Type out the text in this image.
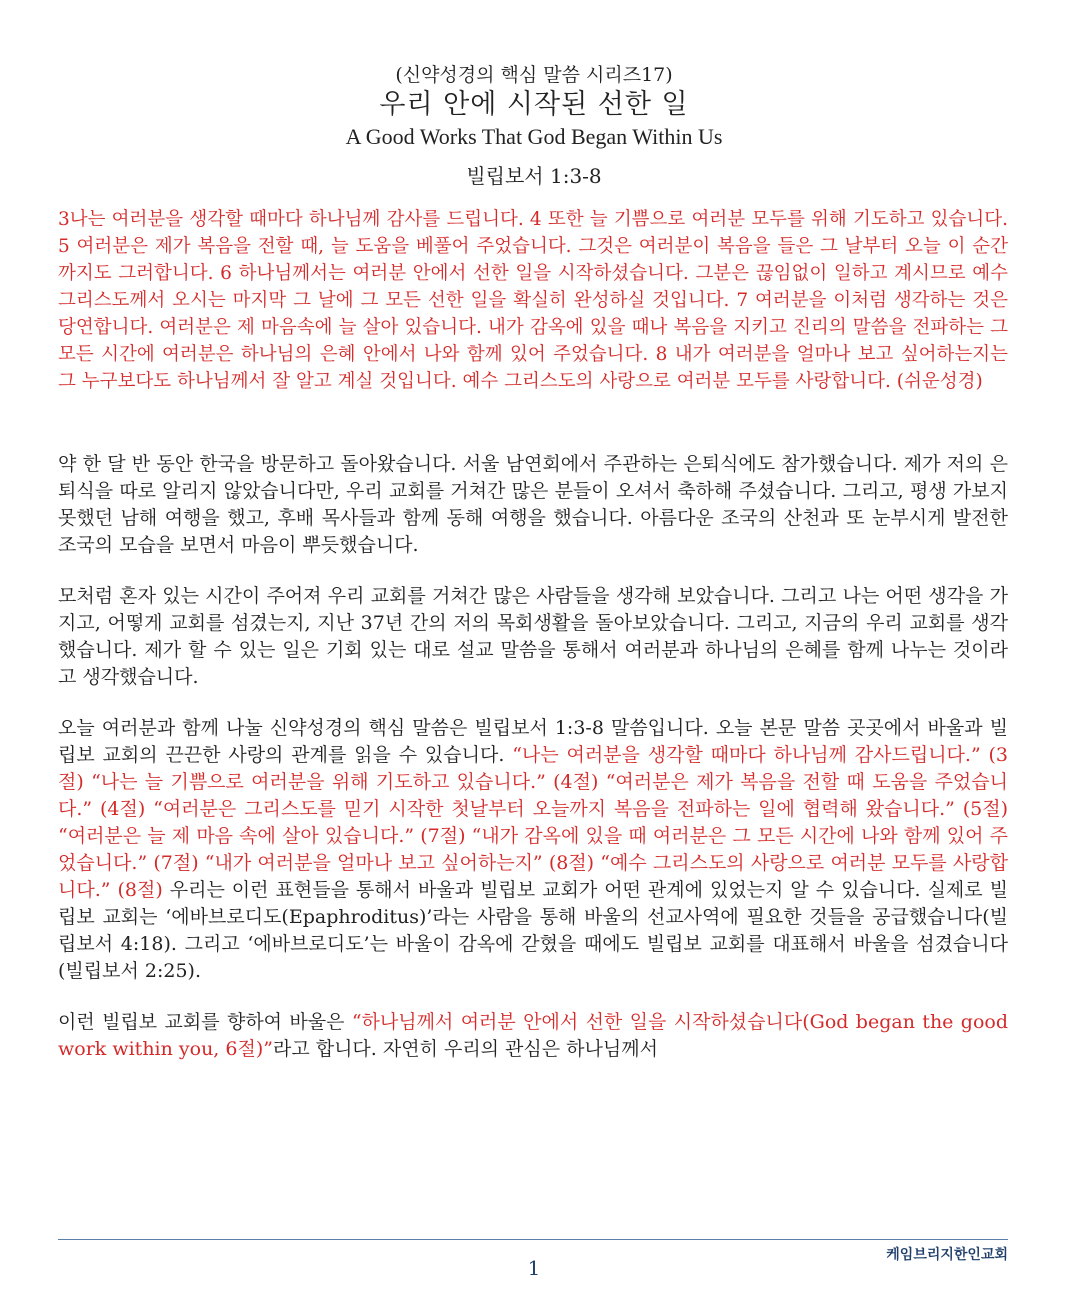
(신약성경의 핵심 말씀 시리즈17)
우리 안에 시작된 선한 일
A Good Works That God Began Within Us
빌립보서 1:3-8

3나는 여러분을 생각할 때마다 하나님께 감사를 드립니다. 4 또한 늘 기쁨으로 여러분 모두를 위해 기도하고 있습니다. 5 여러분은 제가 복음을 전할 때, 늘 도움을 베풀어 주었습니다. 그것은 여러분이 복음을 들은 그 날부터 오늘 이 순간까지도 그러합니다. 6 하나님께서는 여러분 안에서 선한 일을 시작하셨습니다. 그분은 끊임없이 일하고 계시므로 예수 그리스도께서 오시는 마지막 그 날에 그 모든 선한 일을 확실히 완성하실 것입니다. 7 여러분을 이처럼 생각하는 것은 당연합니다. 여러분은 제 마음속에 늘 살아 있습니다. 내가 감옥에 있을 때나 복음을 지키고 진리의 말씀을 전파하는 그 모든 시간에 여러분은 하나님의 은혜 안에서 나와 함께 있어 주었습니다. 8 내가 여러분을 얼마나 보고 싶어하는지는 그 누구보다도 하나님께서 잘 알고 계실 것입니다. 예수 그리스도의 사랑으로 여러분 모두를 사랑합니다. (쉬운성경)

약 한 달 반 동안 한국을 방문하고 돌아왔습니다. 서울 남연회에서 주관하는 은퇴식에도 참가했습니다. 제가 저의 은퇴식을 따로 알리지 않았습니다만, 우리 교회를 거쳐간 많은 분들이 오셔서 축하해 주셨습니다. 그리고, 평생 가보지 못했던 남해 여행을 했고, 후배 목사들과 함께 동해 여행을 했습니다. 아름다운 조국의 산천과 또 눈부시게 발전한 조국의 모습을 보면서 마음이 뿌듯했습니다.

모처럼 혼자 있는 시간이 주어져 우리 교회를 거쳐간 많은 사람들을 생각해 보았습니다. 그리고 나는 어떤 생각을 가지고, 어떻게 교회를 섬겼는지, 지난 37년 간의 저의 목회생활을 돌아보았습니다. 그리고, 지금의 우리 교회를 생각했습니다. 제가 할 수 있는 일은 기회 있는 대로 설교 말씀을 통해서 여러분과 하나님의 은혜를 함께 나누는 것이라고 생각했습니다.

오늘 여러분과 함께 나눌 신약성경의 핵심 말씀은 빌립보서 1:3-8 말씀입니다. 오늘 본문 말씀 곳곳에서 바울과 빌립보 교회의 끈끈한 사랑의 관계를 읽을 수 있습니다. “나는 여러분을 생각할 때마다 하나님께 감사드립니다.” (3절) “나는 늘 기쁨으로 여러분을 위해 기도하고 있습니다.” (4절) “여러분은 제가 복음을 전할 때 도움을 주었습니다.” (4절) “여러분은 그리스도를 믿기 시작한 첫날부터 오늘까지 복음을 전파하는 일에 협력해 왔습니다.” (5절) “여러분은 늘 제 마음 속에 살아 있습니다.” (7절) “내가 감옥에 있을 때 여러분은 그 모든 시간에 나와 함께 있어 주었습니다.” (7절) “내가 여러분을 얼마나 보고 싶어하는지” (8절) “예수 그리스도의 사랑으로 여러분 모두를 사랑합니다.” (8절) 우리는 이런 표현들을 통해서 바울과 빌립보 교회가 어떤 관계에 있었는지 알 수 있습니다. 실제로 빌립보 교회는 ‘에바브로디도(Epaphroditus)’라는 사람을 통해 바울의 선교사역에 필요한 것들을 공급했습니다(빌립보서 4:18). 그리고 ‘에바브로디도’는 바울이 감옥에 갇혔을 때에도 빌립보 교회를 대표해서 바울을 섬겼습니다(빌립보서 2:25).

이런 빌립보 교회를 향하여 바울은 “하나님께서 여러분 안에서 선한 일을 시작하셨습니다(God began the good work within you, 6절)”라고 합니다. 자연히 우리의 관심은 하나님께서

케임브리지한인교회
1
